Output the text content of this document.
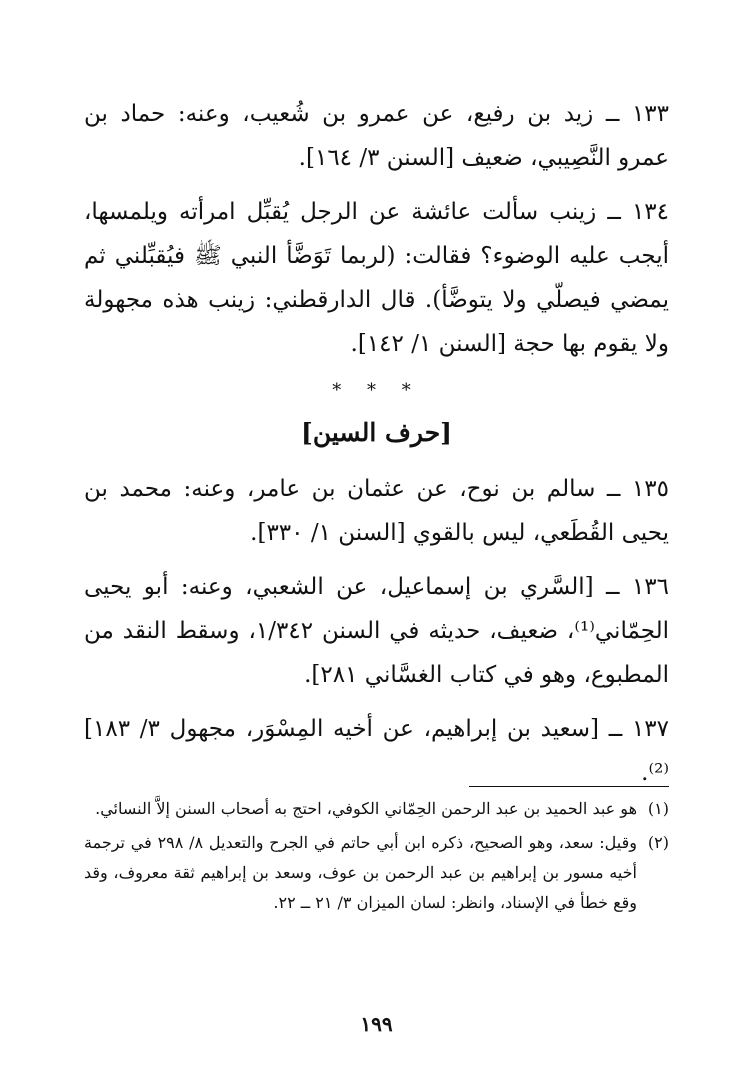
١٣٣ ــ زيد بن رفيع، عن عمرو بن شُعيب، وعنه: حماد بن عمرو النَّصِيبي، ضعيف [السنن ٣/ ١٦٤].

١٣٤ ــ زينب سألت عائشة عن الرجل يُقبِّل امرأته ويلمسها، أيجب عليه الوضوء؟ فقالت: (لربما تَوَضَّأ النبي ﷺ فيُقبِّلني ثم يمضي فيصلّي ولا يتوضَّأ). قال الدارقطني: زينب هذه مجهولة ولا يقوم بها حجة [السنن ١/ ١٤٢].

* * *
[حرف السين]

١٣٥ ــ سالم بن نوح، عن عثمان بن عامر، وعنه: محمد بن يحيى القُطَعي، ليس بالقوي [السنن ١/ ٣٣٠].

١٣٦ ــ [السَّري بن إسماعيل، عن الشعبي، وعنه: أبو يحيى الحِمّاني⁽¹⁾، ضعيف، حديثه في السنن ١/٣٤٢، وسقط النقد من المطبوع، وهو في كتاب الغسَّاني ٢٨١].

١٣٧ ــ [سعيد بن إبراهيم، عن أخيه المِسْوَر، مجهول ٣/ ١٨٣]⁽²⁾.

(١)
هو عبد الحميد بن عبد الرحمن الحِمّاني الكوفي، احتج به أصحاب السنن إلاَّ النسائي.
(٢)
وقيل: سعد، وهو الصحيح، ذكره ابن أبي حاتم في الجرح والتعديل ٨/ ٢٩٨ في ترجمة أخيه مسور بن إبراهيم بن عبد الرحمن بن عوف، وسعد بن إبراهيم ثقة معروف، وقد وقع خطأ في الإسناد، وانظر: لسان الميزان ٣/ ٢١ ــ ٢٢.
١٩٩
